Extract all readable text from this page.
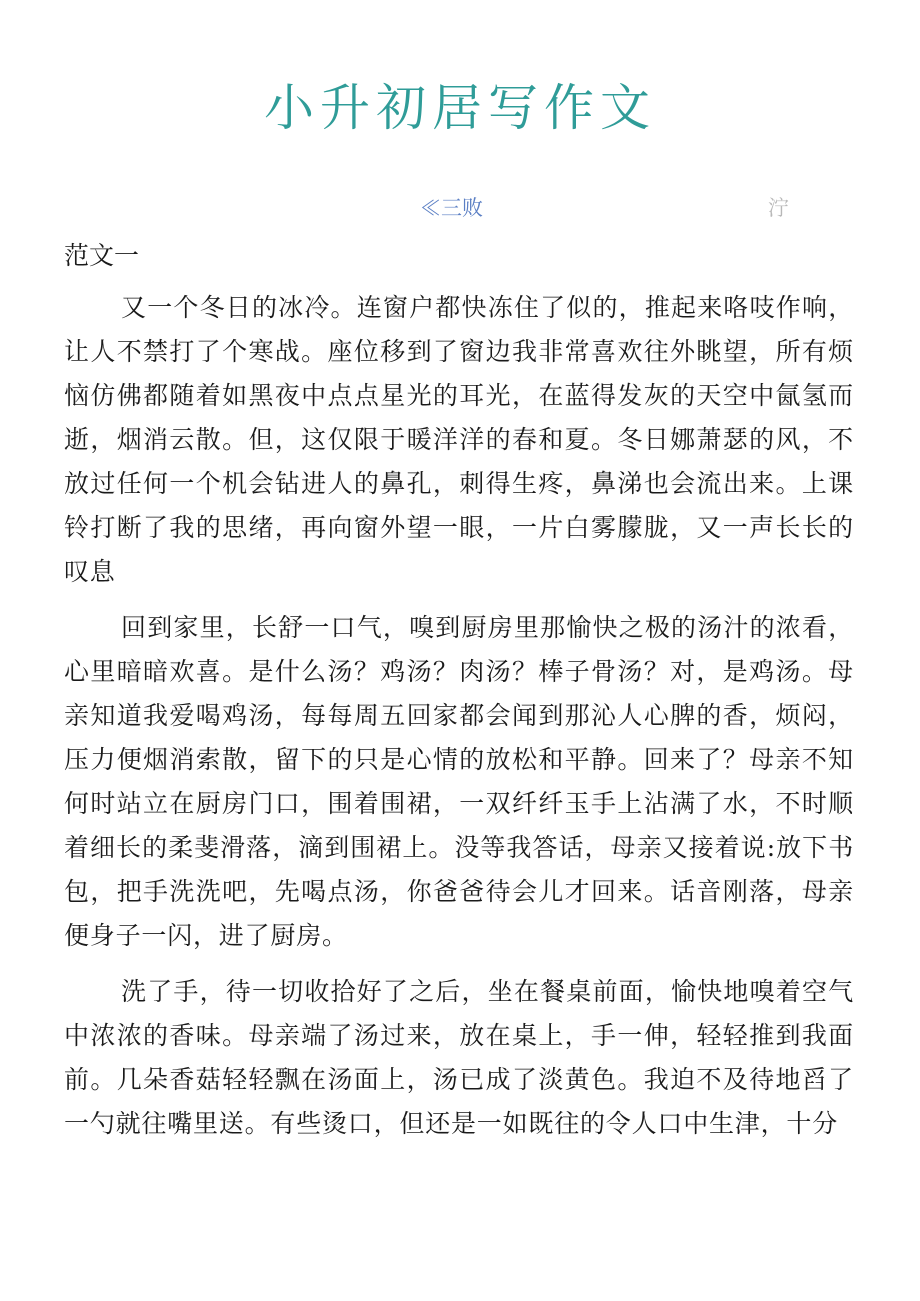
小升初居写作文
≪三败	泞
范文一

又一个冬日的冰冷。连窗户都快冻住了似的，推起来咯吱作响，让人不禁打了个寒战。座位移到了窗边我非常喜欢往外眺望，所有烦恼仿佛都随着如黑夜中点点星光的耳光，在蓝得发灰的天空中氤氢而逝，烟消云散。但，这仅限于暖洋洋的春和夏。冬日娜萧瑟的风，不放过任何一个机会钻进人的鼻孔，刺得生疼，鼻涕也会流出来。上课铃打断了我的思绪，再向窗外望一眼，一片白雾朦胧，又一声长长的叹息

回到家里，长舒一口气，嗅到厨房里那愉快之极的汤汁的浓看，心里暗暗欢喜。是什么汤？鸡汤？肉汤？棒子骨汤？对，是鸡汤。母亲知道我爱喝鸡汤，每每周五回家都会闻到那沁人心脾的香，烦闷，压力便烟消索散，留下的只是心情的放松和平静。回来了？母亲不知何时站立在厨房门口，围着围裙，一双纤纤玉手上沾满了水，不时顺着细长的柔斐滑落，滴到围裙上。没等我答话，母亲又接着说:放下书包，把手洗洗吧，先喝点汤，你爸爸待会儿才回来。话音刚落，母亲便身子一闪，进了厨房。

洗了手，待一切收拾好了之后，坐在餐桌前面，愉快地嗅着空气中浓浓的香味。母亲端了汤过来，放在桌上，手一伸，轻轻推到我面前。几朵香菇轻轻飘在汤面上，汤已成了淡黄色。我迫不及待地舀了一勺就往嘴里送。有些烫口，但还是一如既往的令人口中生津，十分
